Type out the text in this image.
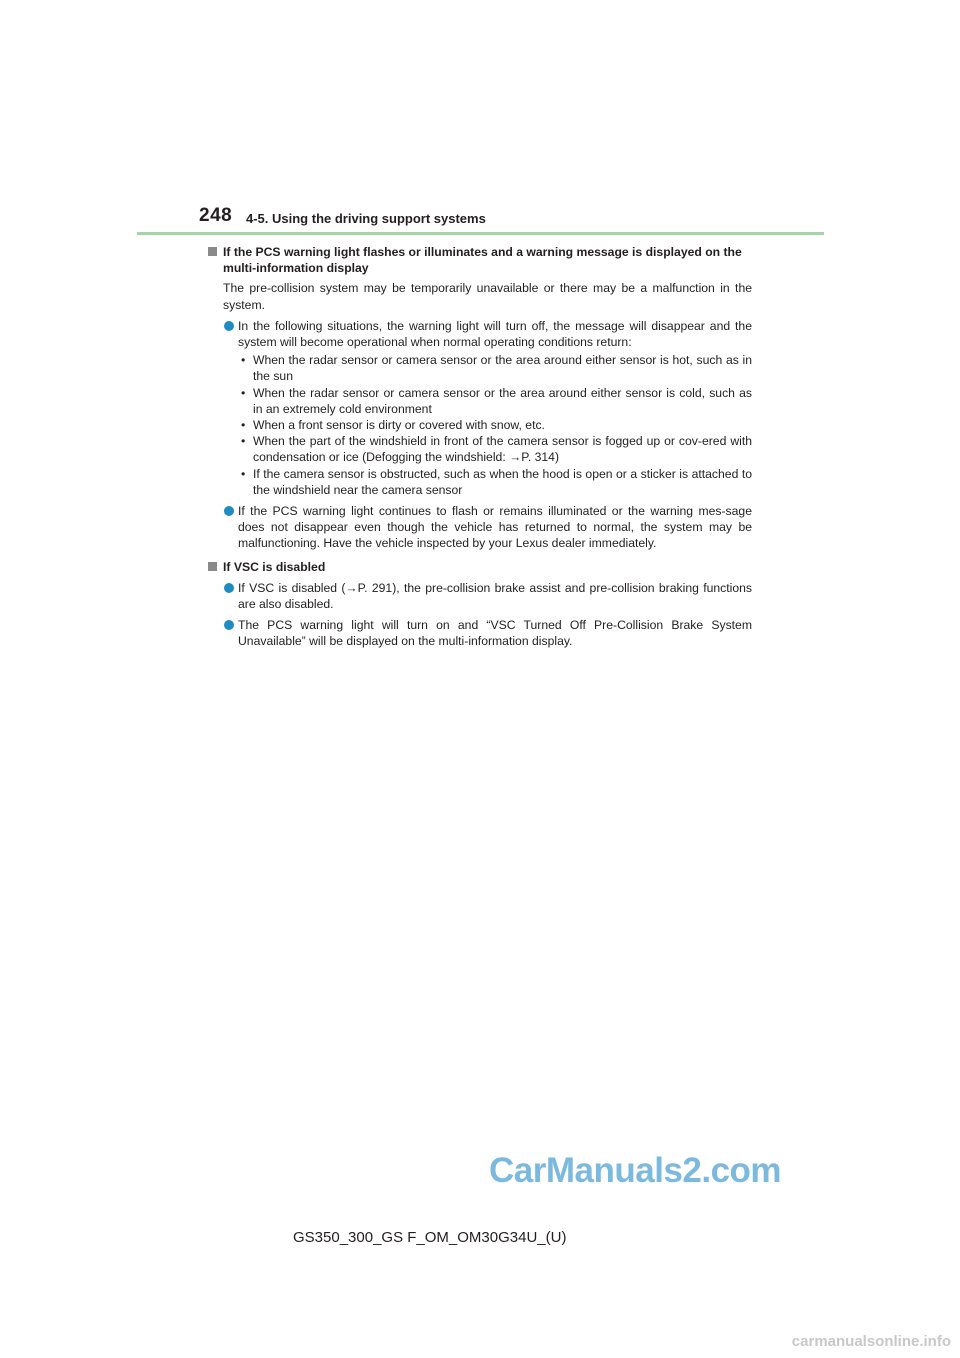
248 4-5. Using the driving support systems
If the PCS warning light flashes or illuminates and a warning message is displayed on the multi-information display
The pre-collision system may be temporarily unavailable or there may be a malfunction in the system.
In the following situations, the warning light will turn off, the message will disappear and the system will become operational when normal operating conditions return:
• When the radar sensor or camera sensor or the area around either sensor is hot, such as in the sun
• When the radar sensor or camera sensor or the area around either sensor is cold, such as in an extremely cold environment
• When a front sensor is dirty or covered with snow, etc.
• When the part of the windshield in front of the camera sensor is fogged up or cov-ered with condensation or ice (Defogging the windshield: →P. 314)
• If the camera sensor is obstructed, such as when the hood is open or a sticker is attached to the windshield near the camera sensor
If the PCS warning light continues to flash or remains illuminated or the warning mes-sage does not disappear even though the vehicle has returned to normal, the system may be malfunctioning. Have the vehicle inspected by your Lexus dealer immediately.
If VSC is disabled
If VSC is disabled (→P. 291), the pre-collision brake assist and pre-collision braking functions are also disabled.
The PCS warning light will turn on and “VSC Turned Off Pre-Collision Brake System Unavailable” will be displayed on the multi-information display.
CarManuals2.com
GS350_300_GS F_OM_OM30G34U_(U)
carmanualsonline.info
